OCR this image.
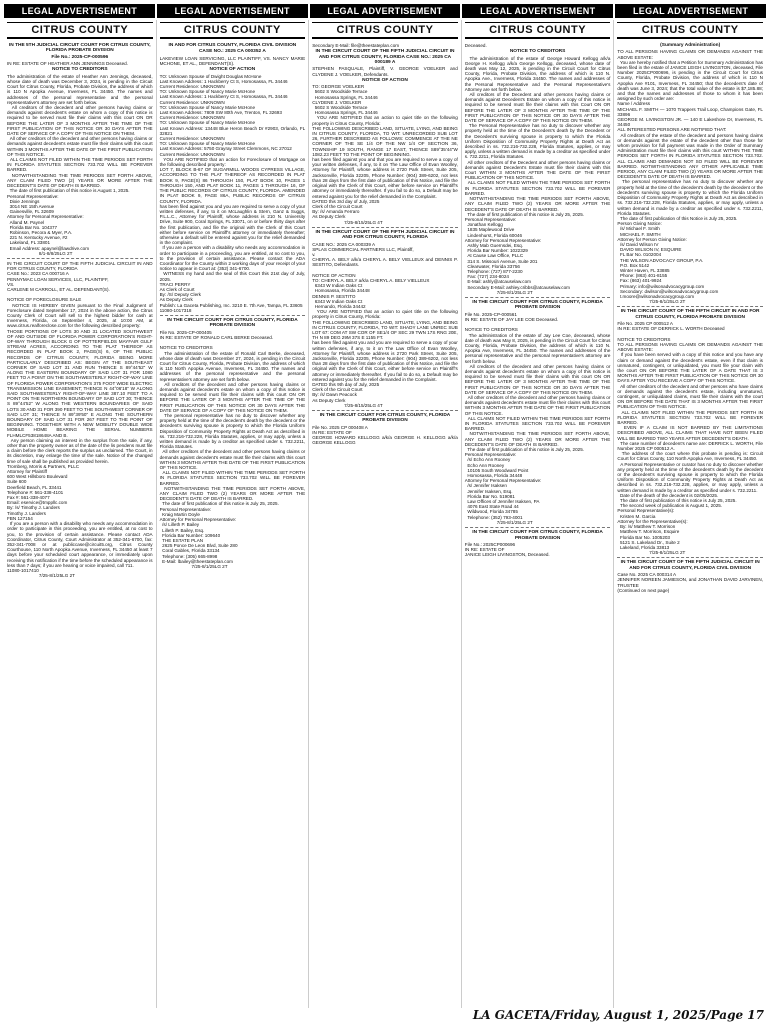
LEGAL ADVERTISEMENT	LEGAL ADVERTISEMENT	LEGAL ADVERTISEMENT	LEGAL ADVERTISEMENT	LEGAL ADVERTISEMENT
CITRUS COUNTY
IN THE 5TH JUDICIAL CIRCUIT COURT FOR CITRUS COUNTY, FLORIDA PROBATE DIVISION
File No.: 2025-CP-000596
IN RE: ESTATE OF HEATHER ANN JENNINGS Deceased.
NOTICE TO CREDITORS

The administration of the estate of Heather Ann Jennings, deceased, whose date of death was December 3, 2024, is pending in the Circuit Court for Citrus County, Florida, Probate Division, the address of which is 110 N Apopka Avenue, Inverness, FL 34450. The names and addresses of the personal representative and the personal representative's attorney are set forth below.
All creditors of the decedent and other persons having claims or demands against decedent's estate on whom a copy of this notice is required to be served must file their claims with this court ON OR BEFORE THE LATER OF 3 MONTHS AFTER THE TIME OF THE FIRST PUBLICATION OF THIS NOTICE OR 30 DAYS AFTER THE DATE OF SERVICE OF A COPY OF THIS NOTICE ON THEM.
All other creditors of the decedent and other persons having claims or demands against decedent's estate must file their claims with this court WITHIN 3 MONTHS AFTER THE DATE OF THE FIRST PUBLICATION OF THIS NOTICE.
ALL CLAIMS NOT FILED WITHIN THE TIME PERIODS SET FORTH IN FLORIDA STATUTES SECTION 733.702 WILL BE FOREVER BARRED.
NOTWITHSTANDING THE TIME PERIODS SET FORTH ABOVE, ANY CLAIM FILED TWO (2) YEARS OR MORE AFTER THE DECEDENT'S DATE OF DEATH IS BARRED.
The date of first publication of this notice is August 1, 2025.
Personal Representative:
Dixie Jennings
3014 NE 15th Avenue
Gainesville, FL 32609
Attorney for Personal Representative:
Alland M. Paynel
Florida Bar No. 104377
Robinson, Pecora & Myer, P.A.
221 N. Kentucky Avenue, #2
Lakeland, FL 33801
Email Address: apaynel@lawdrive.com
8/1-8/8/25LG 2T

IN THE CIRCUIT COURT OF THE FIFTH JUDICIAL CIRCUIT IN AND FOR CITRUS COUNTY, FLORIDA
CASE No.: 2023 CA 000716 A
PENNYMAC LOAN SERVICES, LLC, PLAINTIFF,
VS.
CARLENE M CARROLL, ET AL. DEFENDANT(S).

NOTICE OF FORECLOSURE SALE
NOTICE IS HEREBY GIVEN pursuant to the Final Judgment of Foreclosure dated September 17, 2024 in the above action, the Citrus County Clerk of Court will sell to the highest bidder for cash at Inverness, Florida, on September 4, 2025, at 10:00 AM, at www.citrus.realforeclose.com for the following described property:
THOSE PORTIONS OF LOTS 30 AND 31 LOCATED SOUTHWEST OF AND OUTSIDE OF FLORIDA POWER CORPORATION'S RIGHT-OF-WAY THROUGH BLOCK G OF POTTERFIELDS MAYFAIR GULF STREAM ACRES, ACCORDING TO THE PLAT THEREOF AS RECORDED IN PLAT BOOK 2, PAGE(S) 6, OF THE PUBLIC RECORDS OF CITRUS COUNTY, FLORIDA BEING MORE PARTICULARLY DESCRIBED AS: BEGIN AT THE SOUTHEAST CORNER OF SAID LOT 31 AND RUN THENCE S 89°44'52" W ALONG THE EASTERN BOUNDARY OF SAID LOT 31 FOR 1080 FEET TO A POINT ON THE SOUTHWESTERLY RIGHT-OF-WAY LINE OF FLORIDA POWER CORPORATION'S 375 FOOT WIDE ELECTRIC TRANSMISSION LINE EASEMENT; THENCE N 44°06'18" W ALONG SAID SOUTHWESTERLY RIGHT-OF-WAY LINE 387.10 FEET TO A POINT ON THE NORTHERN BOUNDARY OF SAID LOT 30; THENCE S 89°44'52" W ALONG THE WESTERN BOUNDARIES OF SAID LOTS 30 AND 31 FOR 390 FEET TO THE SOUTHWEST CORNER OF SAID LOT 31; THENCE N 89°39'50" E ALONG THE SOUTHERN BOUNDARY OF SAID LOT 31 FOR 267 FEET TO THE POINT OF BEGINNING. TOGETHER WITH A NEW MOBILITY DOUBLE WIDE MOBILE HOME BEARING THE SERIAL NUMBERS FLHMLCF53818648A AND B.
Any person claiming an interest in the surplus from the sale, if any, other than the property owner as of the date of the lis pendens must file a claim before the clerk reports the surplus as unclaimed. The Court, in its discretion, may enlarge the time of the sale. Notice of the changed time of sale shall be published as provided herein.
Tromberg, Morris & Partners, PLLC
Attorney for Plaintiff
600 West Hillsboro Boulevard
Suite 600
Deerfield Beach, FL 33441
Telephone #: 561-338-4101
Fax #: 561-338-4077
Email: eservice@tmppllc.com
By: /s/ Timothy J. Landers
Timothy J. Landers
FBN 127154
If you are a person with a disability who needs any accommodation in order to participate in this proceeding, you are entitled, at no cost to you, to the provision of certain assistance. Please contact ADA Coordinator, Citrus County, Court Administrator at 352-341-6700, fax: 352-341-7008 or at publiccase@circuit5.org, Citrus County Courthouse, 110 North Apopka Avenue, Inverness, FL 34450 at least 7 days before your scheduled court appearance, or immediately upon receiving this notification if the time before the scheduled appearance is less than 7 days; if you are hearing or voice impaired, call 711.
11080-1017410
7/25-8/1/25LG 2T

CITRUS COUNTY
IN AND FOR CITRUS COUNTY, FLORIDA CIVIL DIVISION
CASE NO.: 2025 CA 000352 A
LAKEVIEW LOAN SERVICING, LLC PLAINTIFF, VS. NANCY MARIE MCHONE, ET AL., DEFENDANT(S).
NOTICE OF ACTION

TO: Unknown Spouse of Dwight Douglas McHone
Last Known Address: 1 Hackberry Ct S, Homosassa, FL 34446
Current Residence: UNKNOWN
TO: Unknown Spouse of Nancy Marie McHone
Last Known Address: 1 Hackberry Ct S, Homosassa, FL 34446
Current Residence: UNKNOWN
TO: Unknown Spouse of Nancy Marie McHone
Last Known Address: 7809 SW 80th Ave, Trenton, FL 32693
Current Residence: UNKNOWN
TO: Unknown Spouse of Nancy Marie McHone
Last Known Address: 13448 Blue Heron Beach Dr #2903, Orlando, FL 32821
Current Residence: UNKNOWN
TO: Unknown Spouse of Nancy Marie McHone
Last Known Address: 5750 Grayray Street Clemmons, NC 27012
Current Residence: UNKNOWN
YOU ARE NOTIFIED that an action for Foreclosure of Mortgage on the following described property:
LOT 7, BLOCK B-67 OF SUGARMILL WOODS CYPRESS VILLAGE, ACCORDING TO THE PLAT THEREOF AS RECORDED IN PLAT BOOK 9, PAGE(S) 86 THROUGH 150, PLAT BOOK 10, PAGES 1 THROUGH 150, AND PLAT BOOK 11, PAGES 1 THROUGH 16, OF THE PUBLIC RECORDS OF CITRUS COUNTY, FLORIDA. AMENDED IN PLAT BOOK 9, PAGE 86A, PUBLIC RECORDS OF CITRUS COUNTY, FLORIDA.
has been filed against you and you are required to serve a copy of your written defenses, if any, to it on McLaughlin & Stern, Ganz & Suggs, P.L.L.C., Attorney for Plaintiff, whose address is 210 N. University Drive, Suite 900, Coral Springs, FL 33071, on or before thirty days after the first publication, and file the original with the Clerk of this Court either before service on Plaintiff's attorney or immediately thereafter; otherwise a default will be entered against you for the relief demanded in the complaint.
If you are a person with a disability who needs any accommodation in order to participate in a proceeding, you are entitled, at no cost to you, to the provision of certain assistance. Please contact the ADA Coordinator for the County within 2 working days of your receipt of your notice to appear in Court at: (352) 341-6700.
WITNESS my hand and the seal of this Court this 21st day of July, 2025.
TRACI PERRY
As Clerk of Court
By: /S/ Deputy Clerk
As Deputy Clerk
Publish: La Gaceta Publishing, Inc. 3210 E. 7th Ave, Tampa, FL 33605
11080-1017318

IN THE CIRCUIT COURT FOR CITRUS COUNTY, FLORIDA PROBATE DIVISION

File No. 2025-CP-000405
IN RE: ESTATE OF RONALD CARL BERKE Deceased.

NOTICE TO CREDITORS
The administration of the estate of Ronald Carl Berke, deceased, whose date of death was December 27, 2024, is pending in the Circuit Court for Citrus County, Florida, Probate Division, the address of which is 110 North Apopka Avenue, Inverness, FL 34450. The names and addresses of the personal representative and the personal representative's attorney are set forth below.
All creditors of the decedent and other persons having claims or demands against decedent's estate on whom a copy of this notice is required to be served must file their claims with this court ON OR BEFORE THE LATER OF 3 MONTHS AFTER THE TIME OF THE FIRST PUBLICATION OF THIS NOTICE OR 30 DAYS AFTER THE DATE OF SERVICE OF A COPY OF THIS NOTICE ON THEM.
The personal representative has no duty to discover whether any property held at the time of the decedent's death by the decedent or the decedent's surviving spouse is property to which the Florida Uniform Disposition of Community Property Rights at Death Act as described in ss. 732.216-732.228, Florida Statutes, applies, or may apply, unless a written demand is made by a creditor as specified under s. 732.2211, Florida Statutes.
All other creditors of the decedent and other persons having claims or demands against decedent's estate must file their claims with this court WITHIN 3 MONTHS AFTER THE DATE OF THE FIRST PUBLICATION OF THIS NOTICE.
ALL CLAIMS NOT FILED WITHIN THE TIME PERIODS SET FORTH IN FLORIDA STATUTES SECTION 733.702 WILL BE FOREVER BARRED.
NOTWITHSTANDING THE TIME PERIODS SET FORTH ABOVE, ANY CLAIM FILED TWO (2) YEARS OR MORE AFTER THE DECEDENT'S DATE OF DEATH IS BARRED.
The date of first publication of this notice is July 25, 2025.
Personal Representative:
Kraig Martin Doyle
Attorney for Personal Representative:
/s/ Lilleth P. Bailey
Lilleth P. Bailey, Esq.
Florida Bar Number: 109640
THE ESTATE PLAN
2625 Ponce De Leon Blvd, Suite 280
Coral Gables, Florida 33134
Telephone: (305) 665-8998
E-Mail: lbailey@theestateplan.com
7/25-8/1/25LG 2T

CITRUS COUNTY
Secondary E-Mail: file@theestateplan.com
IN THE CIRCUIT COURT OF THE FIFTH JUDICIAL CIRCUIT IN AND FOR CITRUS COUNTY, FLORIDA CASE NO.: 2025 CA 000189 A
STEPHEN PASQUALE, Plaintiff, V. GEORGE VOELKER and CLYDENE J. VOELKER, Defendants.
NOTICE OF ACTION

TO: GEORGE VOELKER
5602 S Woodside Terrace
Homosassa Springs, FL 34446
CLYDENE J. VOELKER
5602 S Woodside Terrace
Homosassa Springs, FL 34446
YOU ARE NOTIFIED that an action to quiet title on the following property in Citrus County, Florida:
THE FOLLOWING DESCRIBED LAND, SITUATE, LYING, AND BEING IN CITRUS COUNTY, FLORIDA, TO WIT: UNRECORDED SUB LOT 26, FURTHER DESCRIBED AS FOLLOWS: COMMENCE AT THE NE CORNER OF THE SE 1/4 OF THE NW 1/4 OF SECTION 36, TOWNSHIP 19 SOUTH, RANGE 17 EAST, THENCE S89°35'44"W 1082.23 FEET TO THE POINT OF BEGINNING.
has been filed against you and that you are required to serve a copy of your written defenses, if any, to it on The Law Office of Evan Woolley, Attorney for Plaintiff, whose address is 2720 Park Street, Suite 205, Jacksonville, Florida 32205, Phone Number: (904) 389-6202, not less than 28 days from the first date of publication of this Notice, and file the original with the Clerk of this Court, either before service on Plaintiff's attorney or immediately thereafter. If you fail to do so, a Default may be entered against you for the relief demanded in the Complaint.
DATED this 3rd day of July, 2025
Clerk of the Circuit Court
By: /s/ Amanda Ferraro
As Deputy Clerk
7/25-8/15/25LG 4T

IN THE CIRCUIT COURT OF THE FIFTH JUDICIAL CIRCUIT IN AND FOR CITRUS COUNTY, FLORIDA

CASE NO.: 2025 CA 000339 A
SPLAS COMMERCIAL PARTNERS LLC, Plaintiff,
v.
CHERYL A. BELY a/k/a CHERYL A. BELY VIELLEUX and DENNIS P. SESTITO, Defendants.

NOTICE OF ACTION
TO: CHERYL A. BELY a/k/a CHERYL A. BELY VIELLEUX
6343 W Indian Oaks Ct
Homosassa, Florida 34448
DENNIS P. SESTITO
6343 W Indian Oaks Ct
Hernando, Florida 34442
YOU ARE NOTIFIED that an action to quiet title on the following property in Citrus County, Florida:
THE FOLLOWING DESCRIBED LAND, SITUATE, LYING, AND BEING IN CITRUS COUNTY, FLORIDA, TO WIT: SHADY LANE UNREC SUB LOT 67: COM AT SW COR OF SE1/4 OF SEC 29 TWN 17S RNG 20E, TH N 89 DEG 29M 37S E 1155 FT.
has been filed against you and you are required to serve a copy of your written defenses, if any, to it on The Law Office of Evan Woolley, Attorney for Plaintiff, whose address is 2720 Park Street, Suite 205, Jacksonville, Florida 32205, Phone Number: (904) 389-6202, not less than 28 days from the first date of publication of this Notice, and file the original with the Clerk of this Court, either before service on Plaintiff's attorney or immediately thereafter. If you fail to do so, a Default may be entered against you for the relief demanded in the Complaint.
DATED this 9th day of July, 2025
Clerk of the Circuit Court
By: /s/ Dawn Peacock
As Deputy Clerk
7/25-8/15/25LG 4T

IN THE CIRCUIT COURT FOR CITRUS COUNTY, FLORIDA PROBATE DIVISION

File No. 2025 CP 000408 A
IN RE: ESTATE OF
GEORGE HOWARD KELLOGG a/k/a GEORGE H. KELLOGG a/k/a GEORGE KELLOGG

CITRUS COUNTY
Deceased.
NOTICE TO CREDITORS

The administration of the estate of George Howard Kellogg a/k/a George H. Kellogg a/k/a George Kellogg, deceased, whose date of death was May 12, 2025, is pending in the Circuit Court for Citrus County, Florida, Probate Division, the address of which is 110 N. Apopka Ave., Inverness, Florida 34450. The names and addresses of the Personal Representative and the Personal Representative's Attorney are set forth below.
All creditors of the Decedent and other persons having claims or demands against Decedent's Estate on whom a copy of this notice is required to be served must file their claims with this Court ON OR BEFORE THE LATER OF 3 MONTHS AFTER THE TIME OF THE FIRST PUBLICATION OF THIS NOTICE OR 30 DAYS AFTER THE DATE OF SERVICE OF A COPY OF THIS NOTICE ON THEM.
The Personal Representative has no duty to discover whether any property held at the time of the Decedent's death by the Decedent or the Decedent's surviving spouse is property to which the Florida Uniform Disposition of Community Property Rights at Death Act as described in ss. 732.216-732.228, Florida Statutes, applies, or may apply, unless a written demand is made by a creditor as specified under s. 732.2211, Florida Statutes.
All other creditors of the Decedent and other persons having claims or demands against Decedent's Estate must file their claims with this Court WITHIN 3 MONTHS AFTER THE DATE OF THE FIRST PUBLICATION OF THIS NOTICE.
ALL CLAIMS NOT FILED WITHIN THE TIME PERIODS SET FORTH IN FLORIDA STATUTES SECTION 733.702 WILL BE FOREVER BARRED.
NOTWITHSTANDING THE TIME PERIODS SET FORTH ABOVE, ANY CLAIM FILED TWO (2) YEARS OR MORE AFTER THE DECEDENT'S DATE OF DEATH IS BARRED.
The date of first publication of this notice is July 25, 2025.
Personal Representative:
Jonathan Kellogg
1835 Maplewood Drive
Lindenhurst, Florida 60046
Attorney for Personal Representative:
Ashly Mab Guernsdei, Esq.
Florida Bar Number: 1022329
At Cause Law Office, PLLC
314 S. Missouri Avenue, Suite 201
Clearwater, Florida 33756
Telephone: (727) 877-2230
Fax: (727) 234-8024
E-Mail: ashly@atcauselaw.com
Secondary E-Mail: ashley.cribbs@atcauselaw.com
7/25-8/1/25LG 2T

IN THE CIRCUIT COURT FOR CITRUS COUNTY, FLORIDA PROBATE DIVISION

File No. 2025-CP-000561
IN RE: ESTATE OF JAY LEE COE Deceased.

NOTICE TO CREDITORS
The administration of the estate of Jay Lee Coe, deceased, whose date of death was May 8, 2025, is pending in the Circuit Court for Citrus County, Florida, Probate Division, the address of which is 110 N. Apopka Ave, Inverness, FL 34450. The names and addresses of the personal representative and the personal representative's attorney are set forth below.
All creditors of the decedent and other persons having claims or demands against decedent's estate on whom a copy of this notice is required to be served must file their claims with this court ON OR BEFORE THE LATER OF 3 MONTHS AFTER THE TIME OF THE FIRST PUBLICATION OF THIS NOTICE OR 30 DAYS AFTER THE DATE OF SERVICE OF A COPY OF THIS NOTICE ON THEM.
All other creditors of the decedent and other persons having claims or demands against decedent's estate must file their claims with this court WITHIN 3 MONTHS AFTER THE DATE OF THE FIRST PUBLICATION OF THIS NOTICE.
ALL CLAIMS NOT FILED WITHIN THE TIME PERIODS SET FORTH IN FLORIDA STATUTES SECTION 733.702 WILL BE FOREVER BARRED.
NOTWITHSTANDING THE TIME PERIODS SET FORTH ABOVE, ANY CLAIM FILED TWO (2) YEARS OR MORE AFTER THE DECEDENT'S DATE OF DEATH IS BARRED.
The date of first publication of this notice is July 25, 2025.
Personal Representative:
/s/ Echo Ann Rooney
Echo Ann Rooney
10105 South Woodward Point
Homosassa, Florida 34448
Attorney for Personal Representative:
/s/ Jennifer Isaksen
Jennifer Isaksen, Esq.
Florida Bar No. 519081
Law Offices of Jennifer Isaksen, PA
4076 East State Road 44
Wildwood, Florida 34785
Telephone: (352) 793-4001
7/25-8/1/25LG 2T

IN THE CIRCUIT COURT FOR CITRUS COUNTY, FLORIDA PROBATE DIVISION

File No.: 2025CP000696
IN RE: ESTATE OF
JANICE LEIGH LIVINGSTON, Deceased.

CITRUS COUNTY
(Summary Administration)
TO ALL PERSONS HAVING CLAIMS OR DEMANDS AGAINST THE ABOVE ESTATE:

You are hereby notified that a Petition for Summary Administration has been filed in the estate of JANICE LEIGH LIVINGSTON, deceased, File Number 2025CP000696, is pending in the Circuit Court for Citrus County, Florida, Probate Division, the address of which is 110 N Apopka Ave #101, Inverness, FL 34450; that the decedent's date of death was June 3, 2024; that the total value of the estate is $7,185.88; and that the names and addresses of those to whom it has been assigned by such order are:
Name / Address
MICHAEL F. SMITH — 1070 Trappers Trail Loop, Champions Gate, FL 33896
GEORGE M. LIVINGSTON JR. — 140 E Lakeshore Dr, Inverness, FL 34450
ALL INTERESTED PERSONS ARE NOTIFIED THAT:
All creditors of the estate of the decedent and persons having claims or demands against the estate of the decedent other than those for whom provision for full payment was made in the Order of Summary Administration must file their claims with this court WITHIN THE TIME PERIODS SET FORTH IN FLORIDA STATUTES SECTION 733.702. ALL CLAIMS AND DEMANDS NOT SO FILED WILL BE FOREVER BARRED. NOTWITHSTANDING ANY OTHER APPLICABLE TIME PERIOD, ANY CLAIM FILED TWO (2) YEARS OR MORE AFTER THE DECEDENT'S DATE OF DEATH IS BARRED.
The personal representative has no duty to discover whether any property held at the time of the decedent's death by the decedent or the decedent's surviving spouse is property to which the Florida Uniform Disposition of Community Property Rights at Death Act as described in ss. 732.216-732.228, Florida Statutes, applies, or may apply, unless a written demand is made by a creditor as specified under s. 732.2211, Florida Statutes.
The date of first publication of this Notice is July 25, 2025.
Person Giving Notice:
/s/ Michael F. Smith
MICHAEL F. SMITH
Attorney for Person Giving Notice:
/s/ David Wilson IV
DAVID WILSON IV, ESQUIRE
FL Bar No. 0102004
THE WILSON ADVOCACY GROUP, P.A.
P.O. Box 5142
Winter Haven, FL 33885
Phone: (863) 401-8155
Fax: (863) 401-9924
Primary: info@wilsonadvocacygroup.com
Secondary: dwilson@wilsonadvocacygroup.com
t.moore@wilsonadvocacygroup.com
7/25-8/1/25LG 2T

IN THE CIRCUIT COURT OF THE FIFTH CIRCUIT IN AND FOR CITRUS COUNTY, FLORIDA PROBATE DIVISION

File No. 2025 CP 000512 A
IN RE: ESTATE OF DERRICK L. WORTH Deceased

NOTICE TO CREDITORS
TO ALL PERSONS HAVING CLAIMS OR DEMANDS AGAINST THE ABOVE ESTATE:
If you have been served with a copy of this notice and you have any claim or demand against the decedent's estate, even if that claim is unmatured, contingent, or unliquidated, you must file your claim with the court ON OR BEFORE THE LATER OF A DATE THAT IS 3 MONTHS AFTER THE FIRST PUBLICATION OF THIS NOTICE OR 30 DAYS AFTER YOU RECEIVE A COPY OF THIS NOTICE.
All other creditors of the decedent and other persons who have claims or demands against the decedent's estate, including unmatured, contingent, or unliquidated claims, must file their claims with the court ON OR BEFORE THE DATE THAT IS 3 MONTHS AFTER THE FIRST PUBLICATION OF THIS NOTICE.
ALL CLAIMS NOT FILED WITHIN THE PERIODS SET FORTH IN FLORIDA STATUTES SECTION 733.702 WILL BE FOREVER BARRED.
EVEN IF A CLAIM IS NOT BARRED BY THE LIMITATIONS DESCRIBED ABOVE, ALL CLAIMS THAT HAVE NOT BEEN FILED WILL BE BARRED TWO YEARS AFTER DECEDENT'S DEATH.
The case number of decedent's name are: DERRICK L. WORTH, File Number 2025 CP 000512 A.
The address of the court where this probate is pending is: Circuit Court for Citrus County, 110 North Apopka Ave, Inverness, FL 34450.
A Personal Representative or curator has no duty to discover whether any property held at the time of the decedent's death by the decedent or the decedent's surviving spouse is property to which the Florida Uniform Disposition of Community Property Rights at Death Act as described in ss. 732.216-732.228, applies, or may apply, unless a written demand is made by a creditor as specified under s. 732.2211.
Date of the death of the decedent is 02/05/2025.
The date of first publication of this notice is July 25, 2025.
The second week of publication is August 1, 2025.
Personal Representative(s):
Kristen M. Garcia
Attorney for the Representative(s):
By: /s/ Matthew T. Morrison
Matthew T. Morrison, Esquire
Florida Bar No. 1005203
5121 S. Lakeland Dr., Suite 2
Lakeland, Florida 33813
7/25-8/1/25LG 2T

IN THE CIRCUIT COURT OF THE FIFTH JUDICIAL CIRCUIT IN AND FOR CITRUS COUNTY, FLORIDA CIVIL DIVISION

Case No. 2025 CA 000314 A
JENNIFER NOREEN JAMIESON, and JONATHAN DAVID JARVINEN, TRUSTEE
(Continued on next page)

LA GACETA/Friday, August 1, 2025/Page 17
